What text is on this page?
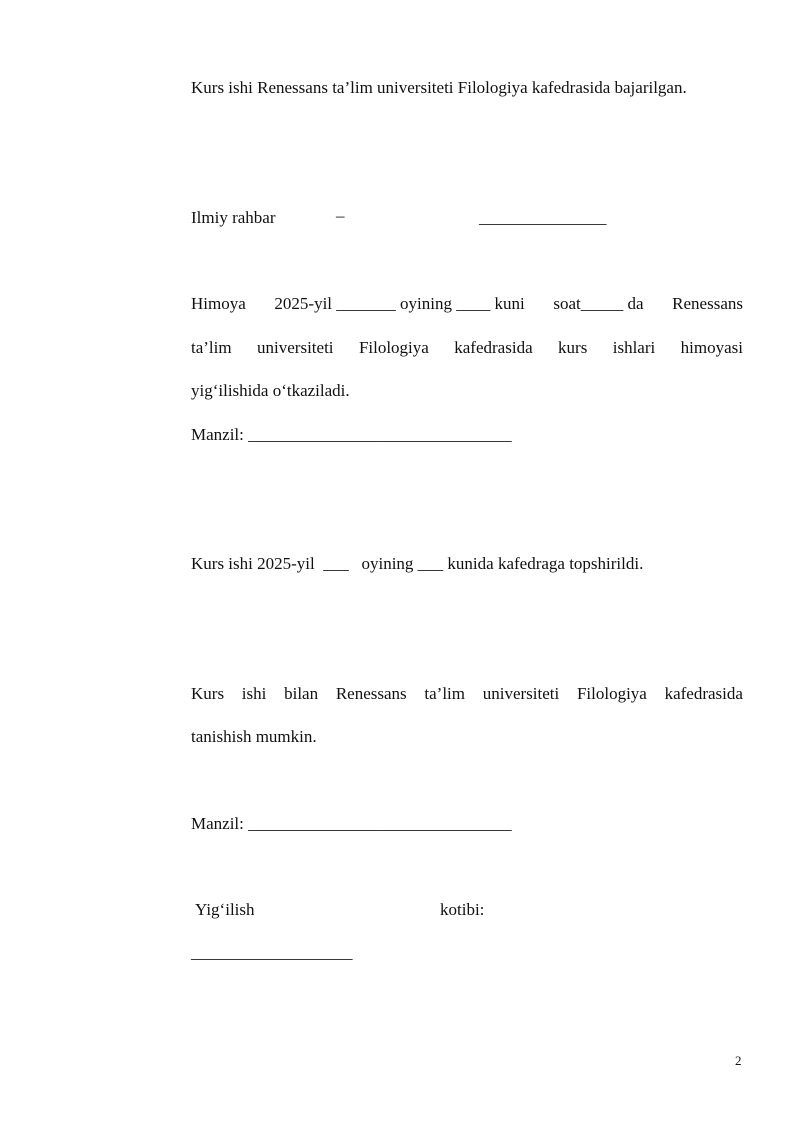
Kurs ishi Renessans ta’lim universiteti Filologiya kafedrasida bajarilgan.
Ilmiy rahbar	–	_______________
Himoya 2025-yil _______ oyining ____ kuni soat_____ da Renessans
ta’lim universiteti Filologiya kafedrasida kurs ishlari himoyasi
yig‘ilishida o‘tkaziladi.
Manzil: _______________________________
Kurs ishi 2025-yil  ___   oyining ___ kunida kafedraga topshirildi.
Kurs ishi bilan Renessans ta’lim universiteti Filologiya kafedrasida
tanishish mumkin.
Manzil: _______________________________
Yig‘ilish	kotibi:
___________________
2
